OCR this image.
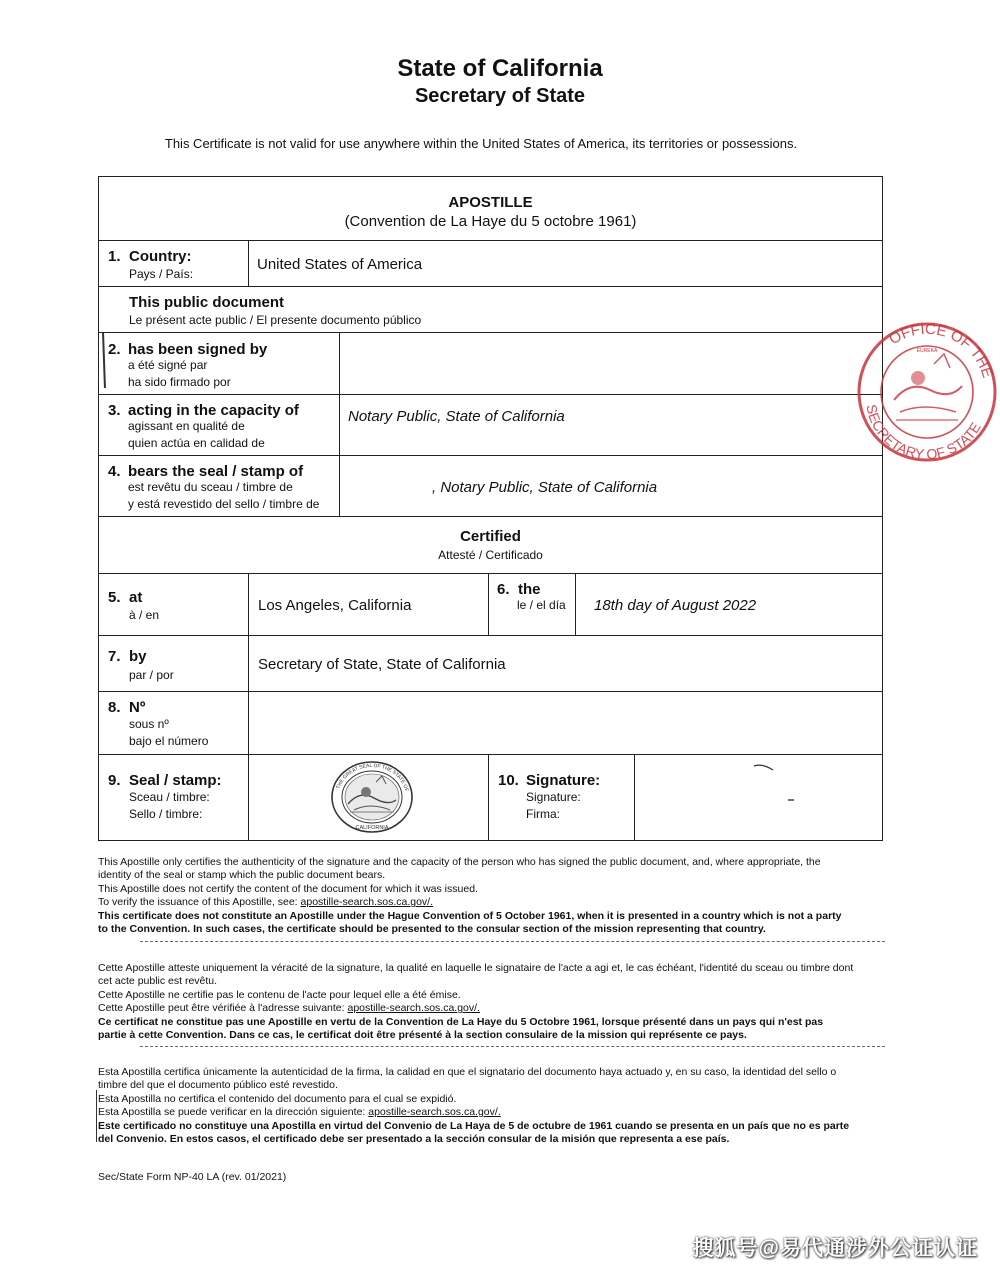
State of California
Secretary of State
This Certificate is not valid for use anywhere within the United States of America, its territories or possessions.
APOSTILLE
(Convention de La Haye du 5 octobre 1961)
1. Country:
Pays / País:
United States of America
This public document
Le présent acte public / El presente documento público
2. has been signed by
a été signé par
ha sido firmado por
3. acting in the capacity of
agissant en qualité de
quien actúa en calidad de
Notary Public, State of California
4. bears the seal / stamp of
est revêtu du sceau / timbre de
y está revestido del sello / timbre de
, Notary Public, State of California
Certified
Attesté / Certificado
5. at
à / en
Los Angeles, California
6. the
le / el día 18th day of August 2022
7. by
par / por
Secretary of State, State of California
8. Nº
sous nº
bajo el número
9. Seal / stamp:
Sceau / timbre:
Sello / timbre:
10. Signature:
Signature:
Firma:
THE GREAT SEAL OF THE STATE OF
CALIFORNIA
OFFICE OF THE
SECRETARY OF STATE
EUREKA
This Apostille only certifies the authenticity of the signature and the capacity of the person who has signed the public document, and, where appropriate, the
identity of the seal or stamp which the public document bears.
This Apostille does not certify the content of the document for which it was issued.
To verify the issuance of this Apostille, see: apostille-search.sos.ca.gov/.
This certificate does not constitute an Apostille under the Hague Convention of 5 October 1961, when it is presented in a country which is not a party
to the Convention. In such cases, the certificate should be presented to the consular section of the mission representing that country.
Cette Apostille atteste uniquement la véracité de la signature, la qualité en laquelle le signataire de l'acte a agi et, le cas échéant, l'identité du sceau ou timbre dont
cet acte public est revêtu.
Cette Apostille ne certifie pas le contenu de l'acte pour lequel elle a été émise.
Cette Apostille peut être vérifiée à l'adresse suivante: apostille-search.sos.ca.gov/.
Ce certificat ne constitue pas une Apostille en vertu de la Convention de La Haye du 5 Octobre 1961, lorsque présenté dans un pays qui n'est pas
partie à cette Convention. Dans ce cas, le certificat doit être présenté à la section consulaire de la mission qui représente ce pays.
Esta Apostilla certifica únicamente la autenticidad de la firma, la calidad en que el signatario del documento haya actuado y, en su caso, la identidad del sello o
timbre del que el documento público esté revestido.
Esta Apostilla no certifica el contenido del documento para el cual se expidió.
Esta Apostilla se puede verificar en la dirección siguiente: apostille-search.sos.ca.gov/.
Este certificado no constituye una Apostilla en virtud del Convenio de La Haya de 5 de octubre de 1961 cuando se presenta en un país que no es parte
del Convenio. En estos casos, el certificado debe ser presentado a la sección consular de la misión que representa a ese país.
Sec/State Form NP-40 LA (rev. 01/2021)
搜狐号@易代通涉外公证认证
